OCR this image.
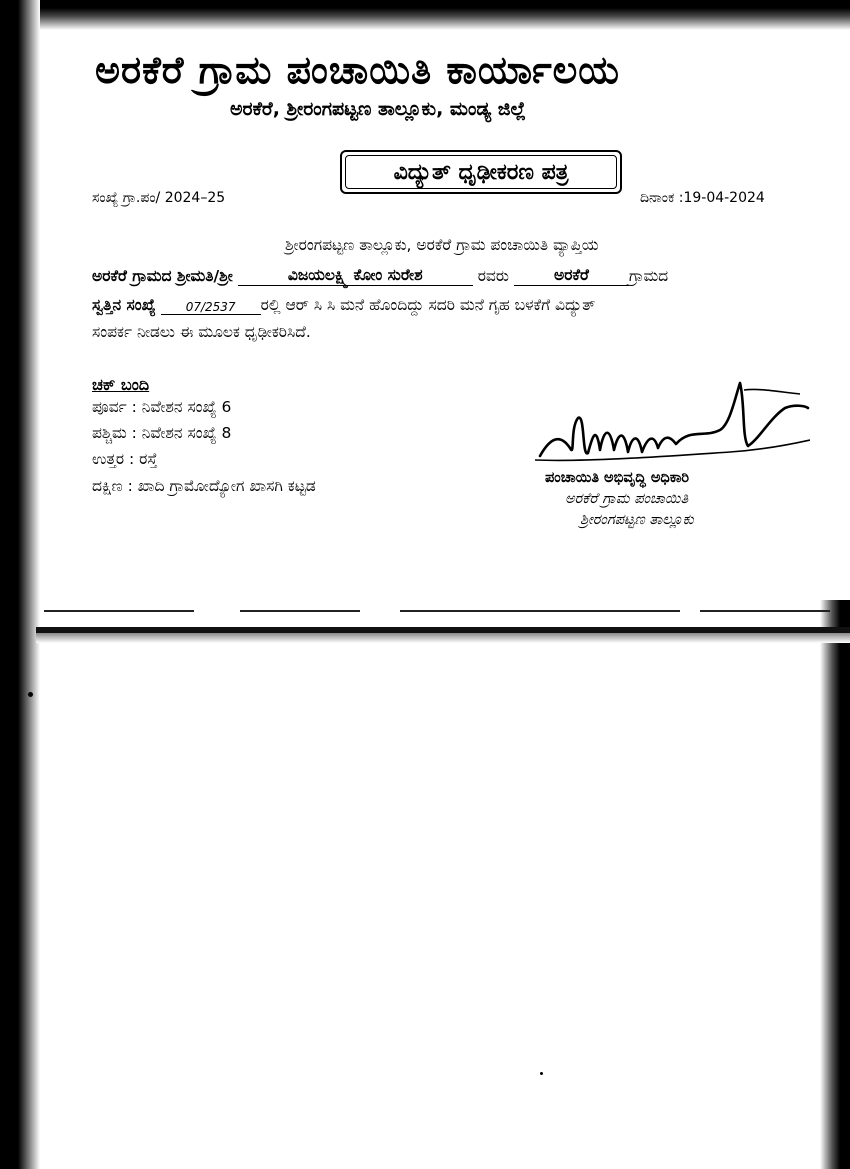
ಅರಕೆರೆ ಗ್ರಾಮ ಪಂಚಾಯಿತಿ ಕಾರ್ಯಾಲಯ
ಅರಕೆರೆ, ಶ್ರೀರಂಗಪಟ್ಟಣ ತಾಲ್ಲೂಕು, ಮಂಡ್ಯ ಜಿಲ್ಲೆ
ವಿದ್ಯುತ್ ಧೃಢೀಕರಣ ಪತ್ರ
ಸಂಖ್ಯೆ ಗ್ರಾ.ಪಂ/ 2024–25	ದಿನಾಂಕ :19-04-2024
ಶ್ರೀರಂಗಪಟ್ಟಣ ತಾಲ್ಲೂಕು, ಅರಕೆರೆ ಗ್ರಾಮ ಪಂಚಾಯಿತಿ ವ್ಯಾಪ್ತಿಯ
ಅರಕೆರೆ ಗ್ರಾಮದ ಶ್ರೀಮತಿ/ಶ್ರೀ	ವಿಜಯಲಕ್ಷ್ಮಿ ಕೋಂ ಸುರೇಶ	ರವರು	ಅರಕೆರೆ	ಗ್ರಾಮದ
ಸ್ವತ್ತಿನ ಸಂಖ್ಯೆ	07/2537 ರಲ್ಲಿ ಆರ್ ಸಿ ಸಿ ಮನೆ ಹೊಂದಿದ್ದು ಸದರಿ ಮನೆ ಗೃಹ ಬಳಕೆಗೆ ವಿದ್ಯುತ್
ಸಂಪರ್ಕ ನೀಡಲು ಈ ಮೂಲಕ ಧೃಢೀಕರಿಸಿದೆ.
ಚಕ್ ಬಂದಿ
ಪೂರ್ವ : ನಿವೇಶನ ಸಂಖ್ಯೆ 6
ಪಶ್ಚಿಮ : ನಿವೇಶನ ಸಂಖ್ಯೆ 8
ಉತ್ತರ : ರಸ್ತೆ
ದಕ್ಷಿಣ : ಖಾದಿ ಗ್ರಾಮೋದ್ಯೋಗ ಖಾಸಗಿ ಕಟ್ಟಡ	ಪಂಚಾಯಿತಿ ಅಭಿವೃದ್ಧಿ ಅಧಿಕಾರಿ
ಅರಕೆರೆ ಗ್ರಾಮ ಪಂಚಾಯಿತಿ
ಶ್ರೀರಂಗಪಟ್ಟಣ ತಾಲ್ಲೂಕು
